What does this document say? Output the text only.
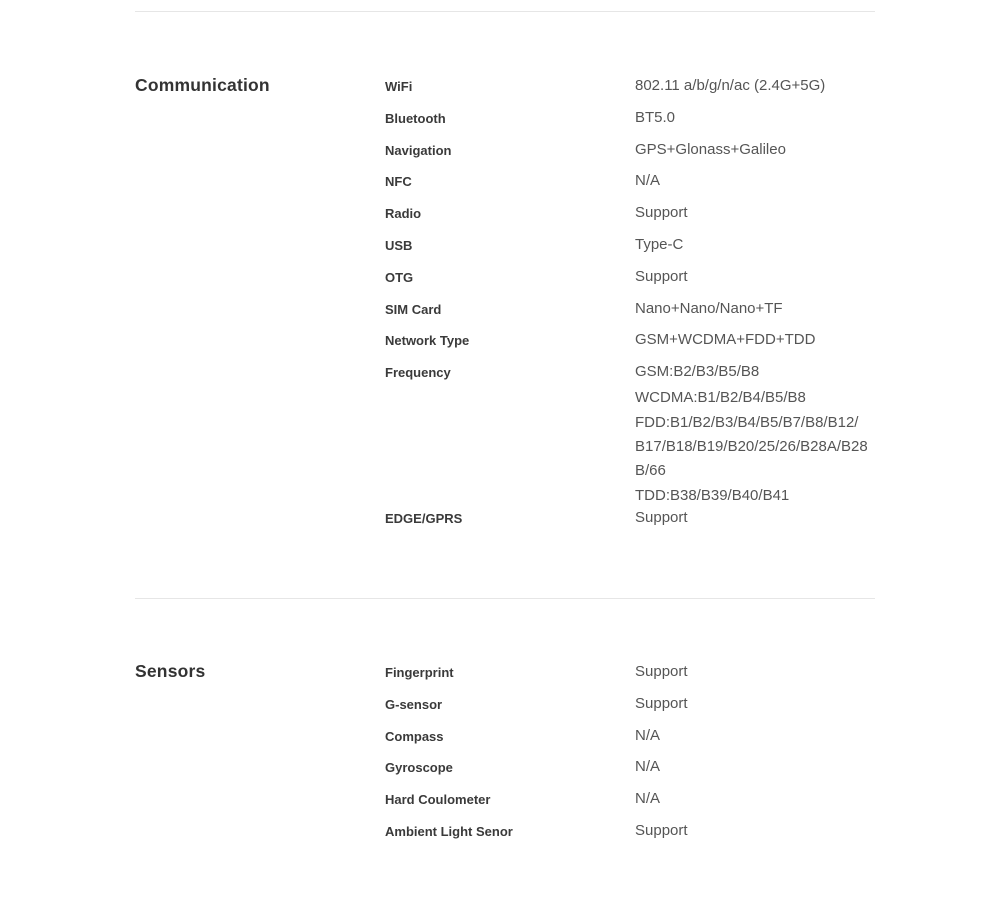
Communication	WiFi	802.11 a/b/g/n/ac (2.4G+5G)
Bluetooth	BT5.0
Navigation	GPS+Glonass+Galileo
NFC	N/A
Radio	Support
USB	Type-C
OTG	Support
SIM Card	Nano+Nano/Nano+TF
Network Type	GSM+WCDMA+FDD+TDD
Frequency	GSM:B2/B3/B5/B8
WCDMA:B1/B2/B4/B5/B8
FDD:B1/B2/B3/B4/B5/B7/B8/B12/
B17/B18/B19/B20/25/26/B28A/B28
B/66
TDD:B38/B39/B40/B41
EDGE/GPRS	Support
Sensors	Fingerprint	Support
G-sensor	Support
Compass	N/A
Gyroscope	N/A
Hard Coulometer	N/A
Ambient Light Senor	Support
